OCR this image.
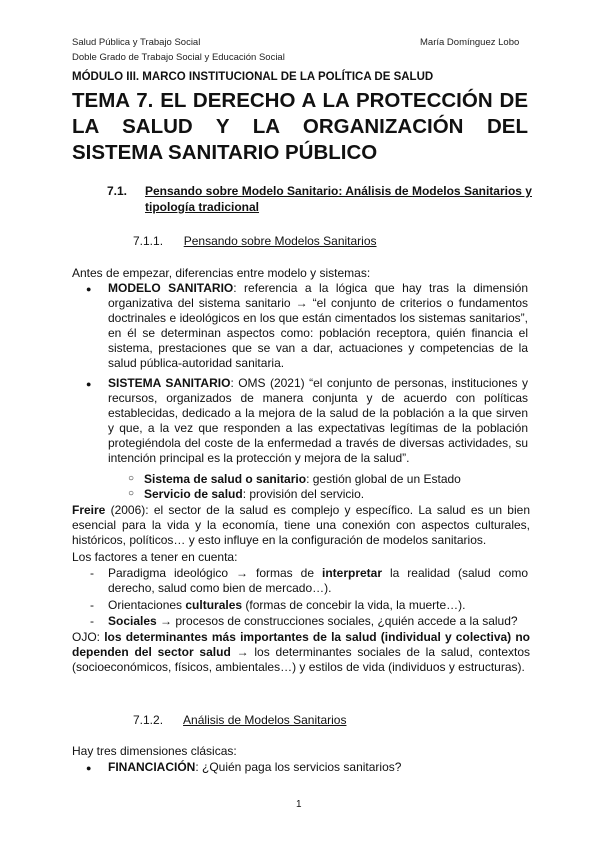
Salud Pública y Trabajo Social
Doble Grado de Trabajo Social y Educación Social
María Domínguez Lobo
MÓDULO III. MARCO INSTITUCIONAL DE LA POLÍTICA DE SALUD
TEMA 7. EL DERECHO A LA PROTECCIÓN DE
LA SALUD Y LA ORGANIZACIÓN DEL
SISTEMA SANITARIO PÚBLICO
7.1. Pensando sobre Modelo Sanitario: Análisis de Modelos Sanitarios y tipología tradicional
7.1.1. Pensando sobre Modelos Sanitarios
Antes de empezar, diferencias entre modelo y sistemas:
● MODELO SANITARIO: referencia a la lógica que hay tras la dimensión organizativa del sistema sanitario → “el conjunto de criterios o fundamentos doctrinales e ideológicos en los que están cimentados los sistemas sanitarios”, en él se determinan aspectos como: población receptora, quién financia el sistema, prestaciones que se van a dar, actuaciones y competencias de la salud pública-autoridad sanitaria.
● SISTEMA SANITARIO: OMS (2021) “el conjunto de personas, instituciones y recursos, organizados de manera conjunta y de acuerdo con políticas establecidas, dedicado a la mejora de la salud de la población a la que sirven y que, a la vez que responden a las expectativas legítimas de la población protegiéndola del coste de la enfermedad a través de diversas actividades, su intención principal es la protección y mejora de la salud”.
○ Sistema de salud o sanitario: gestión global de un Estado
○ Servicio de salud: provisión del servicio.
Freire (2006): el sector de la salud es complejo y específico. La salud es un bien esencial para la vida y la economía, tiene una conexión con aspectos culturales, históricos, políticos… y esto influye en la configuración de modelos sanitarios.
Los factores a tener en cuenta:
- Paradigma ideológico → formas de interpretar la realidad (salud como derecho, salud como bien de mercado…).
- Orientaciones culturales (formas de concebir la vida, la muerte…).
- Sociales → procesos de construcciones sociales, ¿quién accede a la salud?
OJO: los determinantes más importantes de la salud (individual y colectiva) no dependen del sector salud → los determinantes sociales de la salud, contextos (socioeconómicos, físicos, ambientales…) y estilos de vida (individuos y estructuras).
7.1.2. Análisis de Modelos Sanitarios
Hay tres dimensiones clásicas:
● FINANCIACIÓN: ¿Quién paga los servicios sanitarios?
1
